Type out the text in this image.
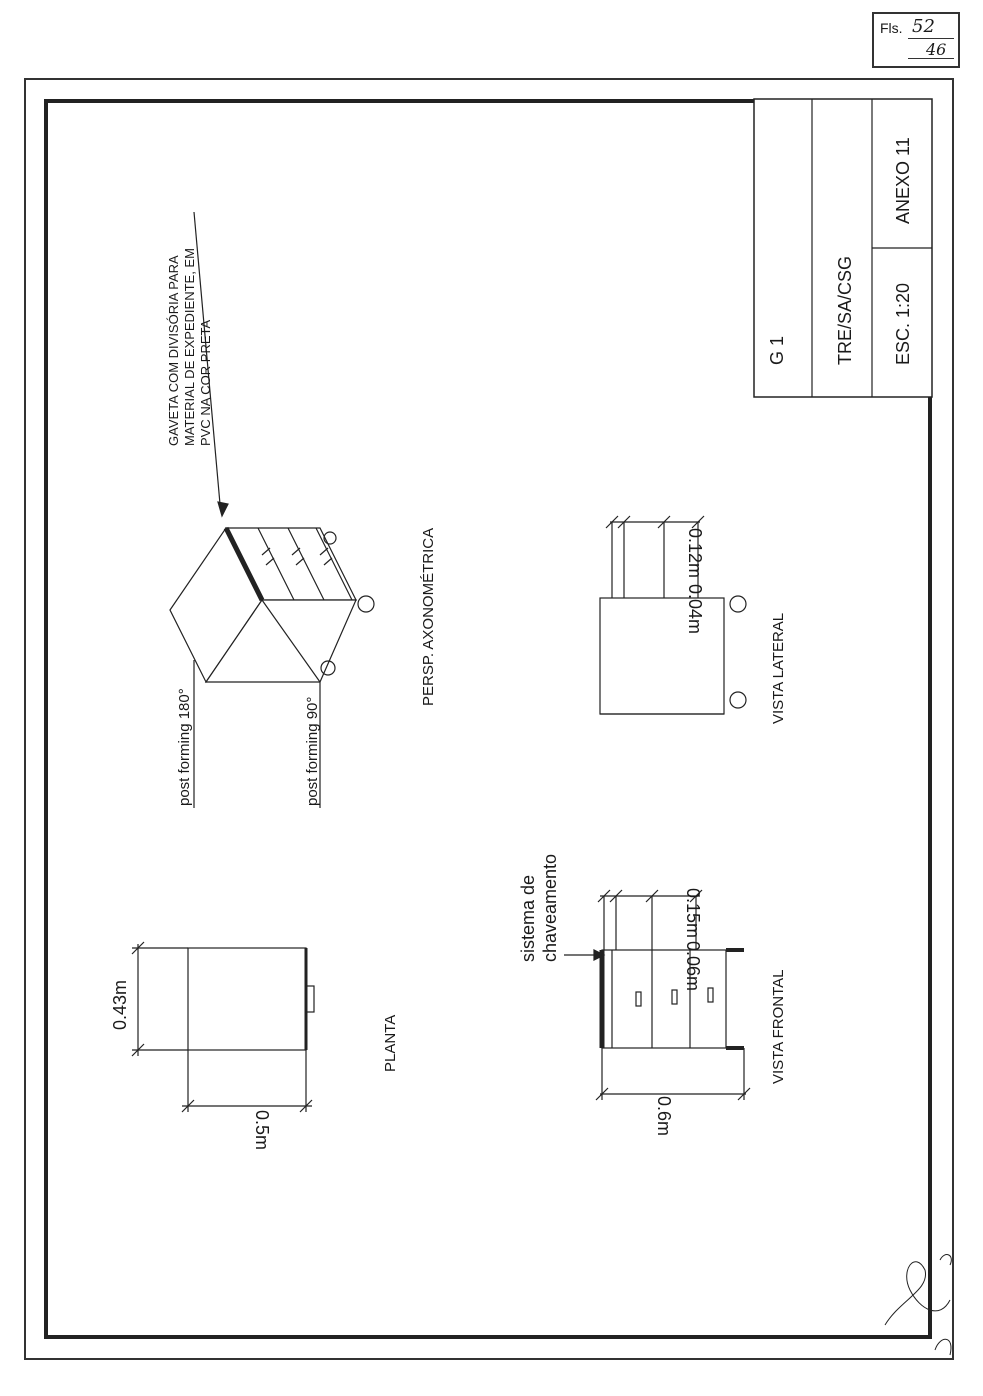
Fls. 52
46
G 1	TRE/SA/CSG ESC. 1:20
ANEXO 11
GAVETA COM DIVISÓRIA PARA MATERIAL DE EXPEDIENTE, EM PVC NA COR PRETA
post forming 180°	post forming 90°
PERSP. AXONOMÉTRICA	0.12m
0.04m
VISTA LATERAL
sistema de chaveamento	0.15m
0.06m
0.6m
VISTA FRONTAL
0.43m
0.5m
PLANTA
